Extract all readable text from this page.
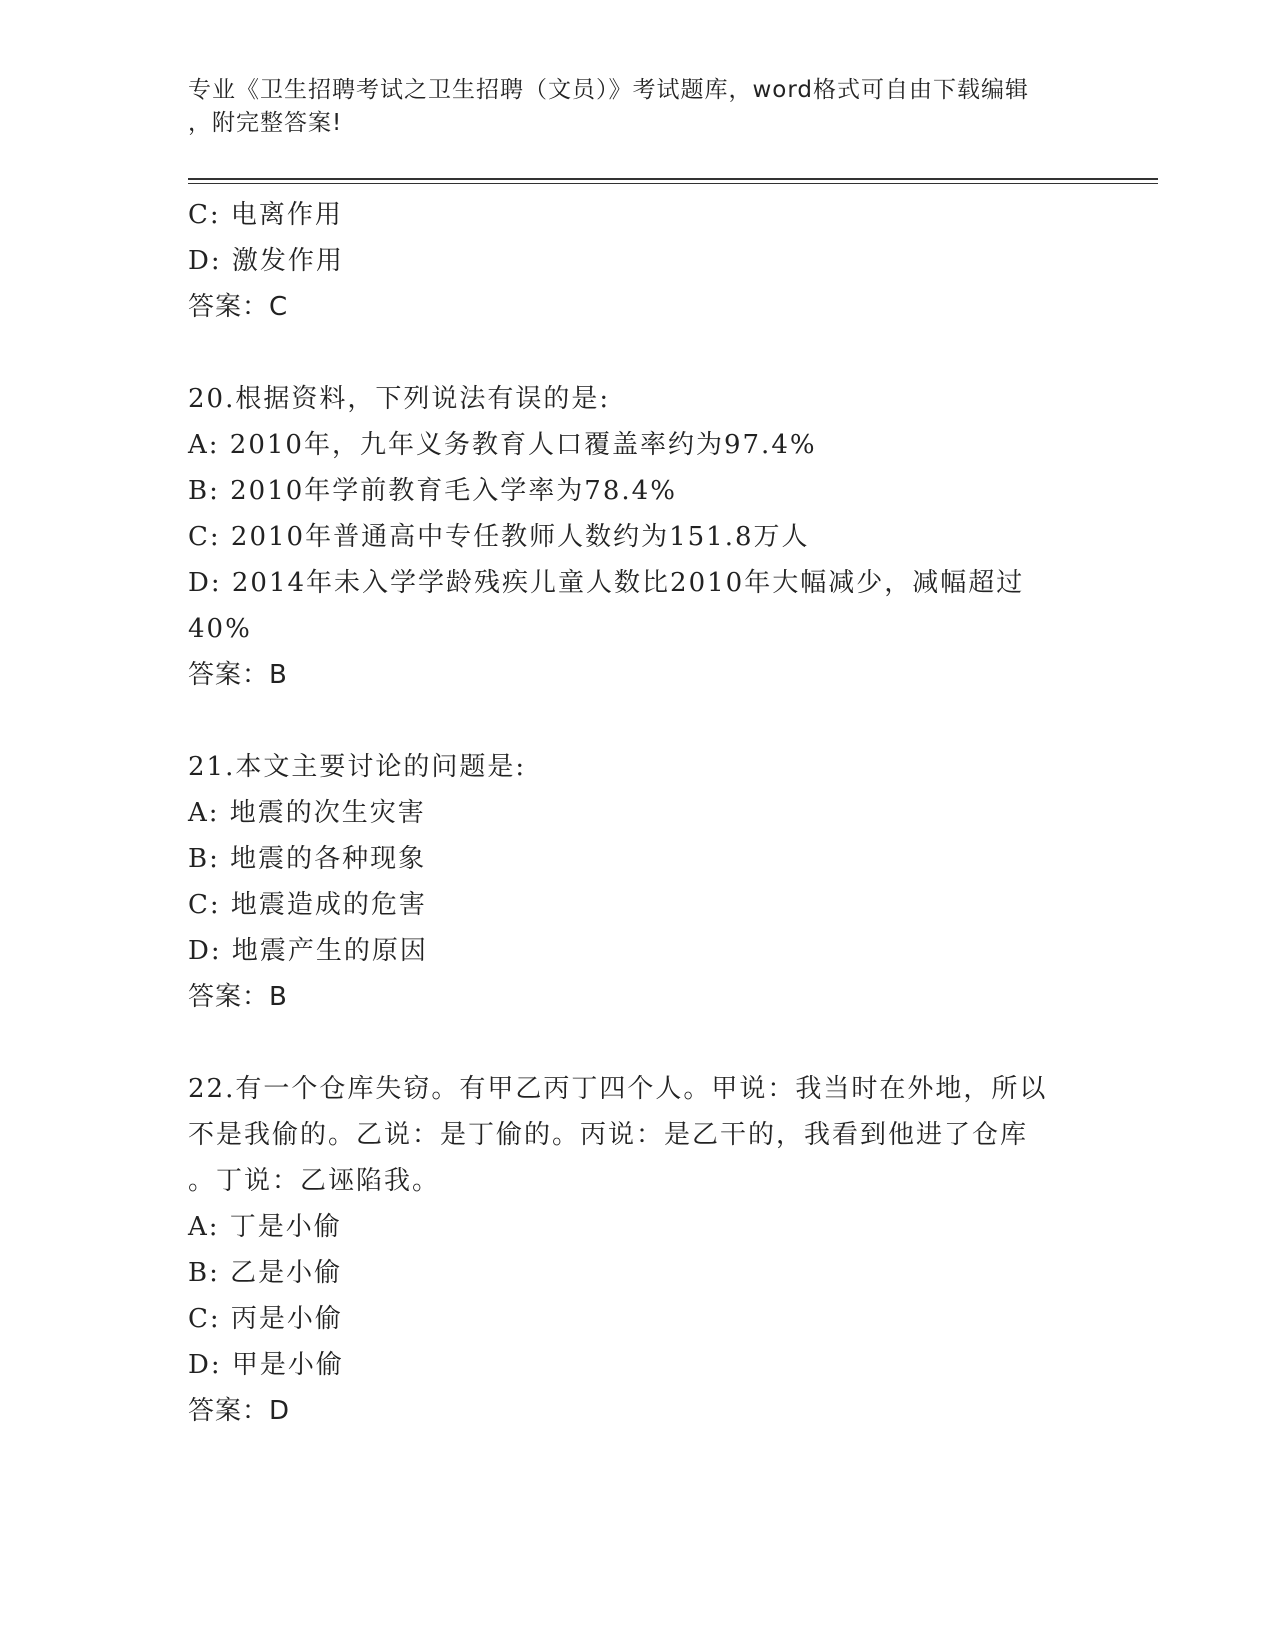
专业《卫生招聘考试之卫生招聘（文员）》考试题库，word格式可自由下载编辑
，附完整答案!
C: 电离作用
D: 激发作用
答案：C
20.根据资料，下列说法有误的是:
A: 2010年，九年义务教育人口覆盖率约为97.4%
B: 2010年学前教育毛入学率为78.4%
C: 2010年普通高中专任教师人数约为151.8万人
D: 2014年未入学学龄残疾儿童人数比2010年大幅减少，减幅超过
40%
答案：B
21.本文主要讨论的问题是:
A: 地震的次生灾害
B: 地震的各种现象
C: 地震造成的危害
D: 地震产生的原因
答案：B
22.有一个仓库失窃。有甲乙丙丁四个人。甲说：我当时在外地，所以
不是我偷的。乙说：是丁偷的。丙说：是乙干的，我看到他进了仓库
。丁说：乙诬陷我。
A: 丁是小偷
B: 乙是小偷
C: 丙是小偷
D: 甲是小偷
答案：D
